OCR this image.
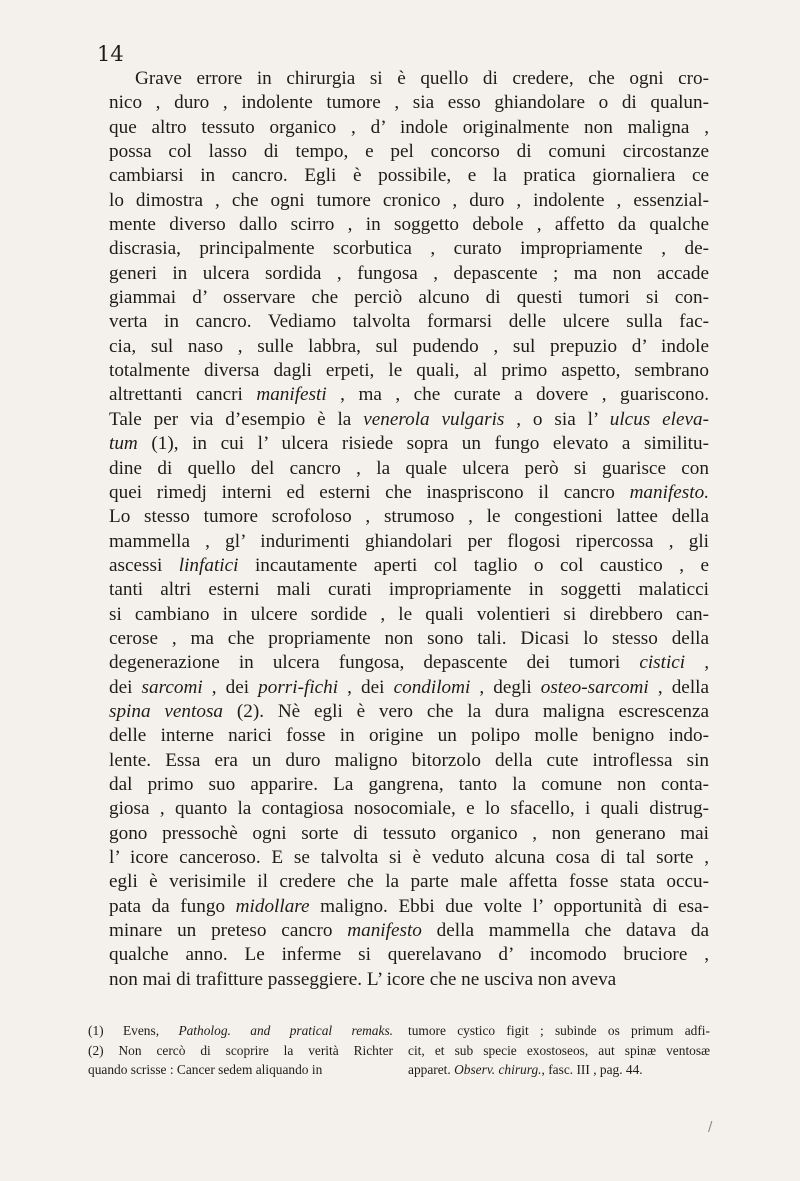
14
Grave errore in chirurgia si è quello di credere, che ogni cro-
nico , duro , indolente tumore , sia esso ghiandolare o di qualun-
que altro tessuto organico , d’ indole originalmente non maligna ,
possa col lasso di tempo, e pel concorso di comuni circostanze
cambiarsi in cancro. Egli è possibile, e la pratica giornaliera ce
lo dimostra , che ogni tumore cronico , duro , indolente , essenzial-
mente diverso dallo scirro , in soggetto debole , affetto da qualche
discrasia, principalmente scorbutica , curato impropriamente , de-
generi in ulcera sordida , fungosa , depascente ; ma non accade
giammai d’ osservare che perciò alcuno di questi tumori si con-
verta in cancro. Vediamo talvolta formarsi delle ulcere sulla fac-
cia, sul naso , sulle labbra, sul pudendo , sul prepuzio d’ indole
totalmente diversa dagli erpeti, le quali, al primo aspetto, sembrano
altrettanti cancri manifesti , ma , che curate a dovere , guariscono.
Tale per via d’esempio è la venerola vulgaris , o sia l’ ulcus eleva-
tum (1), in cui l’ ulcera risiede sopra un fungo elevato a similitu-
dine di quello del cancro , la quale ulcera però si guarisce con
quei rimedj interni ed esterni che inaspriscono il cancro manifesto.
Lo stesso tumore scrofoloso , strumoso , le congestioni lattee della
mammella , gl’ indurimenti ghiandolari per flogosi ripercossa , gli
ascessi linfatici incautamente aperti col taglio o col caustico , e
tanti altri esterni mali curati impropriamente in soggetti malaticci
si cambiano in ulcere sordide , le quali volentieri si direbbero can-
cerose , ma che propriamente non sono tali. Dicasi lo stesso della
degenerazione in ulcera fungosa, depascente dei tumori cistici ,
dei sarcomi , dei porri-fichi , dei condilomi , degli osteo-sarcomi , della
spina ventosa (2). Nè egli è vero che la dura maligna escrescenza
delle interne narici fosse in origine un polipo molle benigno indo-
lente. Essa era un duro maligno bitorzolo della cute introflessa sin
dal primo suo apparire. La gangrena, tanto la comune non conta-
giosa , quanto la contagiosa nosocomiale, e lo sfacello, i quali distrug-
gono pressochè ogni sorte di tessuto organico , non generano mai
l’ icore canceroso. E se talvolta si è veduto alcuna cosa di tal sorte ,
egli è verisimile il credere che la parte male affetta fosse stata occu-
pata da fungo midollare maligno. Ebbi due volte l’ opportunità di esa-
minare un preteso cancro manifesto della mammella che datava da
qualche anno. Le inferme si querelavano d’ incomodo bruciore ,
non mai di trafitture passeggiere. L’ icore che ne usciva non aveva
(1) Evens, Patholog. and pratical remaks.
(2) Non cercò di scoprire la verità Richter
quando scrisse : Cancer sedem aliquando in
tumore cystico figit ; subinde os primum adfi-
cit, et sub specie exostoseos, aut spinæ ventosæ
apparet. Observ. chirurg., fasc. III , pag. 44.
/
